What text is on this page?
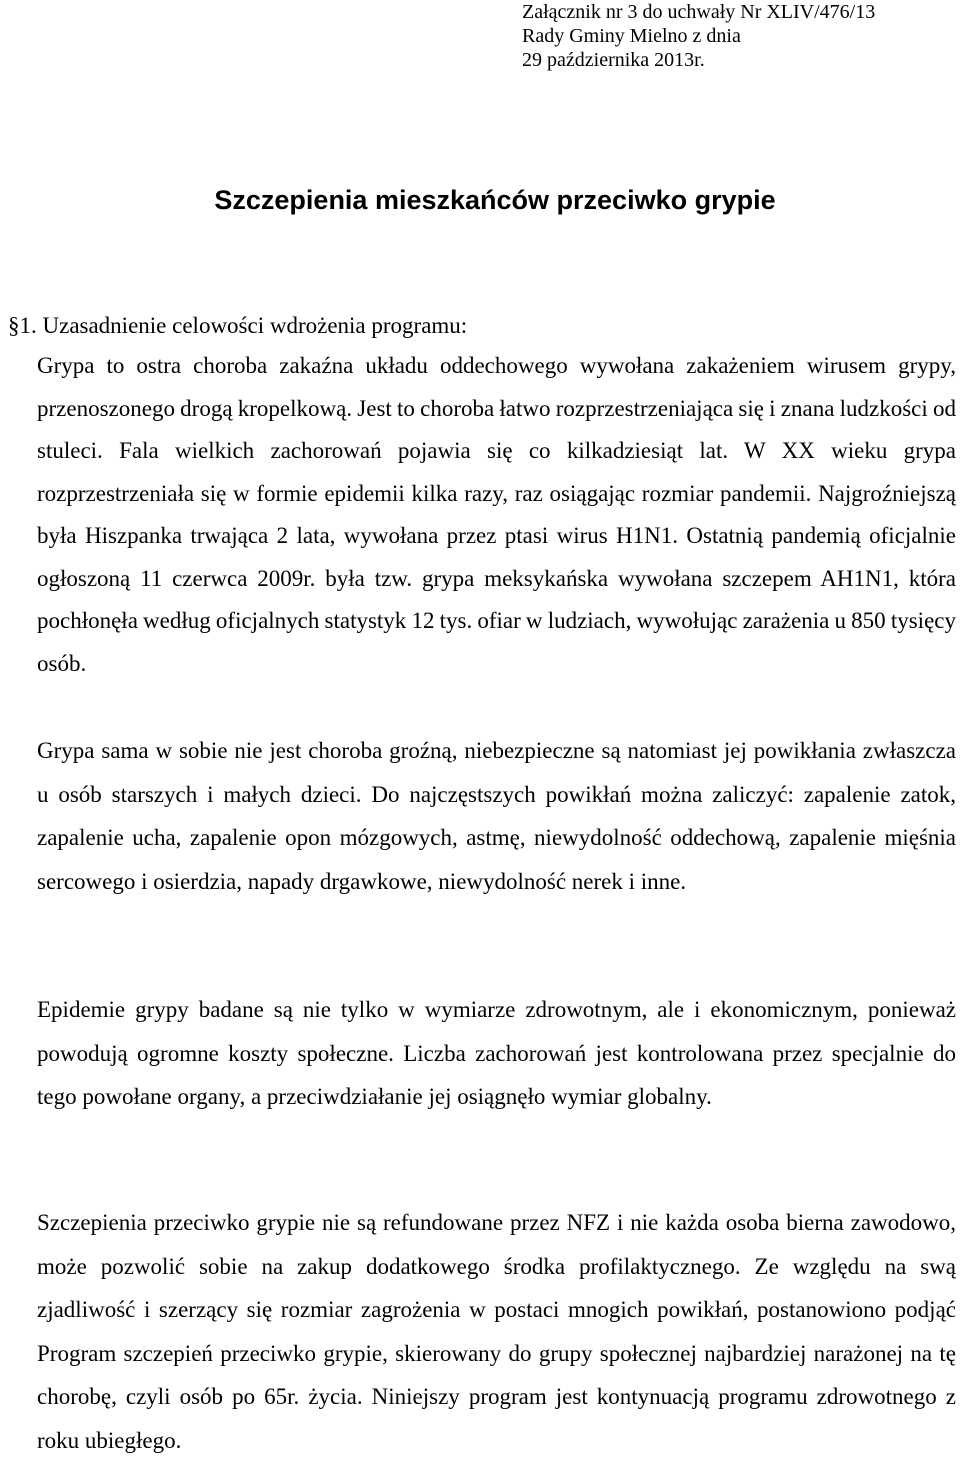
Załącznik nr 3 do uchwały Nr XLIV/476/13
Rady Gminy Mielno z dnia
29 października 2013r.
Szczepienia mieszkańców przeciwko grypie
§1. Uzasadnienie celowości wdrożenia programu:

Grypa to ostra choroba zakaźna układu oddechowego wywołana zakażeniem wirusem grypy, przenoszonego drogą kropelkową. Jest to choroba łatwo rozprzestrzeniająca się i znana ludzkości od stuleci. Fala wielkich zachorowań pojawia się co kilkadziesiąt lat. W XX wieku grypa rozprzestrzeniała się w formie epidemii kilka razy, raz osiągając rozmiar pandemii. Najgroźniejszą była Hiszpanka trwająca 2 lata, wywołana przez ptasi wirus H1N1. Ostatnią pandemią oficjalnie ogłoszoną 11 czerwca 2009r. była tzw. grypa meksykańska wywołana szczepem AH1N1, która pochłonęła według oficjalnych statystyk 12 tys. ofiar w ludziach, wywołując zarażenia u 850 tysięcy osób.

Grypa sama w sobie nie jest choroba groźną, niebezpieczne są natomiast jej powikłania zwłaszcza u osób starszych i małych dzieci. Do najczęstszych powikłań można zaliczyć: zapalenie zatok, zapalenie ucha, zapalenie opon mózgowych, astmę, niewydolność oddechową, zapalenie mięśnia sercowego i osierdzia, napady drgawkowe, niewydolność nerek i inne.

Epidemie grypy badane są nie tylko w wymiarze zdrowotnym, ale i ekonomicznym, ponieważ powodują ogromne koszty społeczne. Liczba zachorowań jest kontrolowana przez specjalnie do tego powołane organy, a przeciwdziałanie jej osiągnęło wymiar globalny.

Szczepienia przeciwko grypie nie są refundowane przez NFZ i nie każda osoba bierna zawodowo, może pozwolić sobie na zakup dodatkowego środka profilaktycznego. Ze względu na swą zjadliwość i szerzący się rozmiar zagrożenia w postaci mnogich powikłań, postanowiono podjąć Program szczepień przeciwko grypie, skierowany do grupy społecznej najbardziej narażonej na tę chorobę, czyli osób po 65r. życia. Niniejszy program jest kontynuacją programu zdrowotnego z roku ubiegłego.
